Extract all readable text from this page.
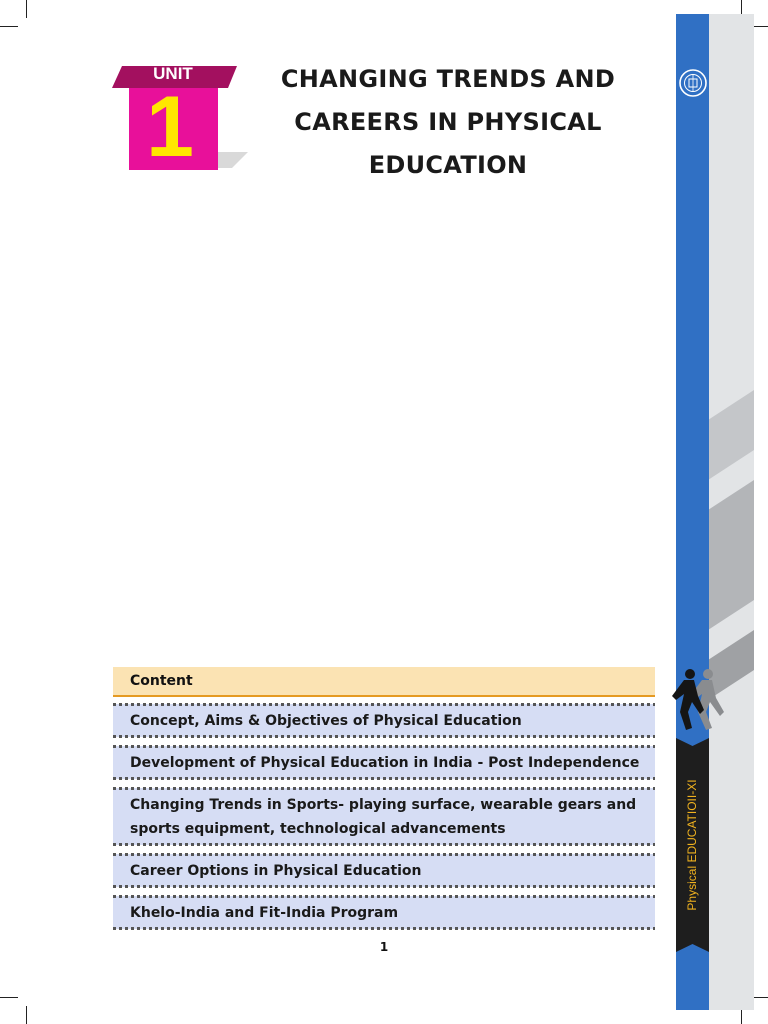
Physical EDUCATIOII-XI
UNIT
1	CHANGING TRENDS AND
CAREERS IN PHYSICAL
EDUCATION
Content
Concept, Aims & Objectives of Physical Education
Development of Physical Education in India - Post Independence
Changing Trends in Sports- playing surface, wearable gears and sports equipment, technological advancements
Career Options in Physical Education
Khelo-India and Fit-India Program
1
